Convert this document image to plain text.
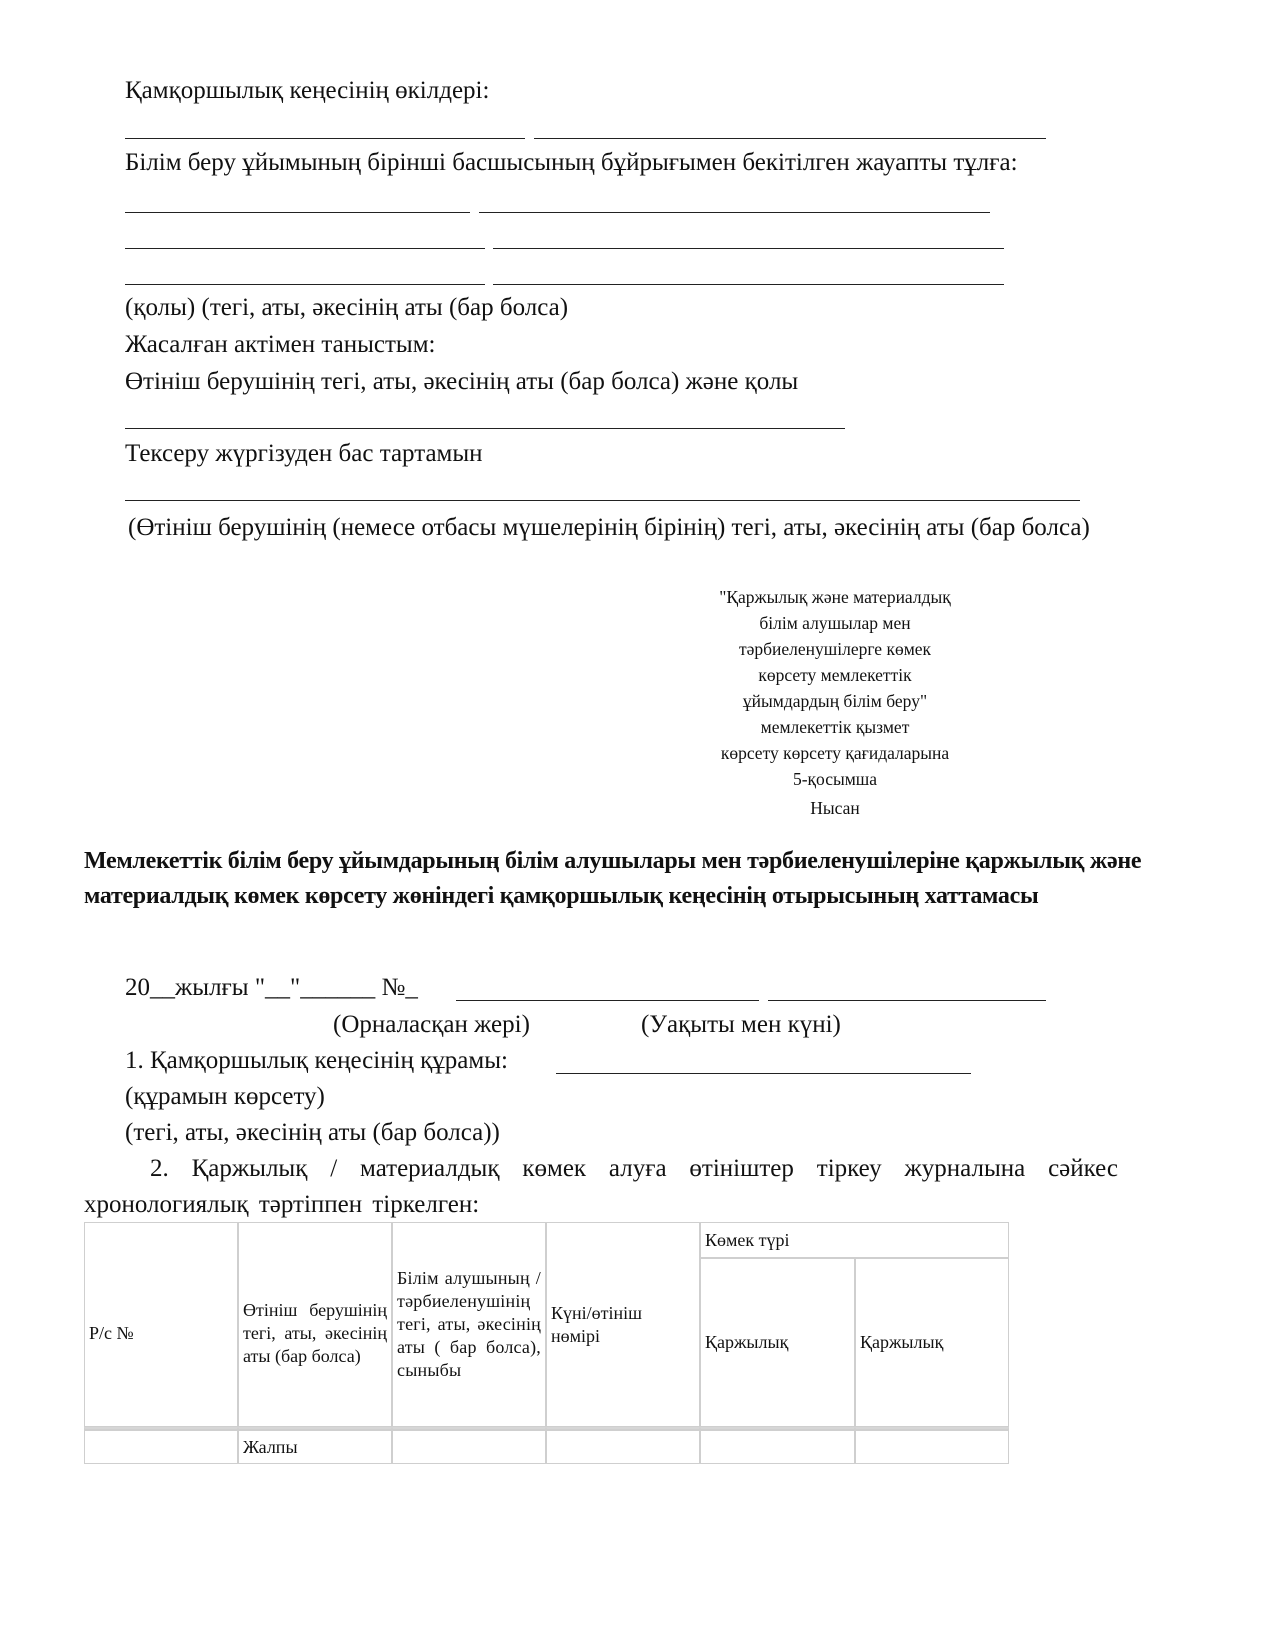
Қамқоршылық кеңесінің өкілдері:
Білім беру ұйымының бірінші басшысының бұйрығымен бекітілген жауапты тұлға:
(қолы) (тегі, аты, әкесінің аты (бар болса)
Жасалған актімен таныстым:
Өтініш берушінің тегі, аты, әкесінің аты (бар болса) және қолы
Тексеру жүргізуден бас тартамын
(Өтініш берушінің (немесе отбасы мүшелерінің бірінің) тегі, аты, әкесінің аты (бар болса)
"Қаржылық және материалдық
білім алушылар мен
тәрбиеленушілерге көмек
көрсету мемлекеттік
ұйымдардың білім беру"
мемлекеттік қызмет
көрсету көрсету қағидаларына
5-қосымша
Нысан
Мемлекеттік білім беру ұйымдарының білім алушылары мен тәрбиеленушілеріне қаржылық және материалдық көмек көрсету жөніндегі қамқоршылық кеңесінің отырысының хаттамасы
20__жылғы "__"______ №_
(Орналасқан жері)	(Уақыты мен күні)
1. Қамқоршылық кеңесінің құрамы:
(құрамын көрсету)
(тегі, аты, әкесінің аты (бар болса))
2. Қаржылық / материалдық көмек алуға өтініштер тіркеу журналына сәйкес хронологиялық тәртіппен тіркелген:
Р/с №	Өтініш берушінің тегі, аты, әкесінің аты (бар болса)	Білім алушының / тәрбиеленушінің тегі, аты, әкесінің аты ( бар болса), сыныбы	Күні/өтініш нөмірі	Көмек түрі	
				Қаржылық	Қаржылық

	Жалпы				
